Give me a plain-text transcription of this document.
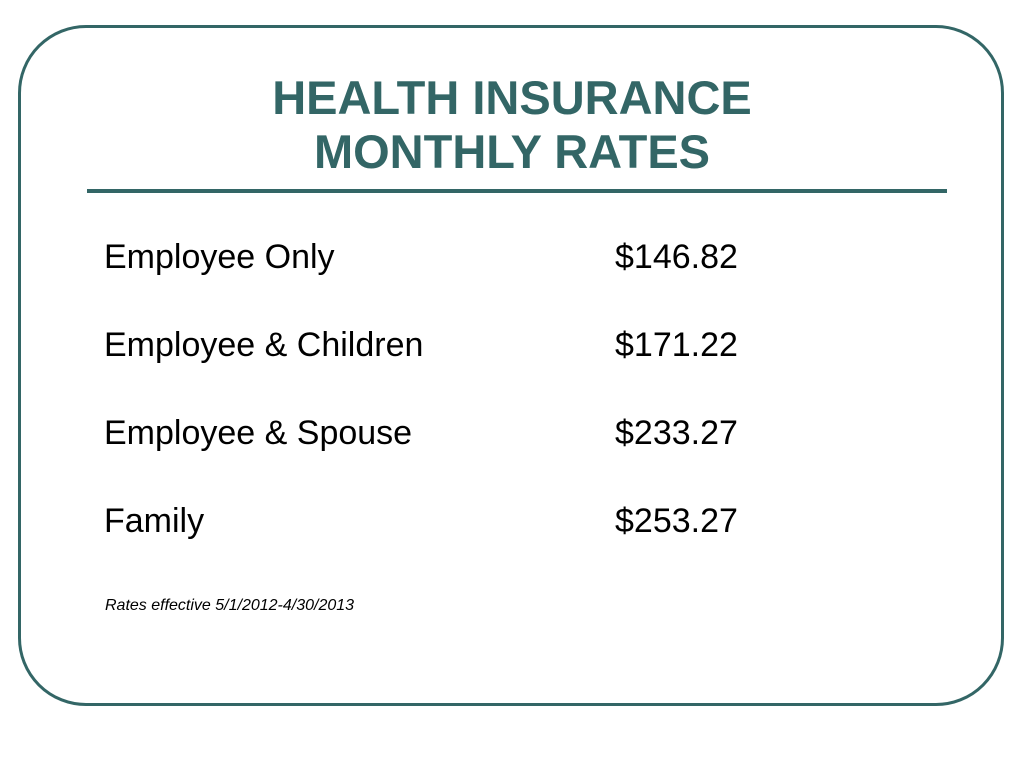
HEALTH INSURANCE
MONTHLY RATES
Employee Only	$146.82
Employee & Children	$171.22
Employee & Spouse	$233.27
Family	$253.27
Rates effective 5/1/2012-4/30/2013
